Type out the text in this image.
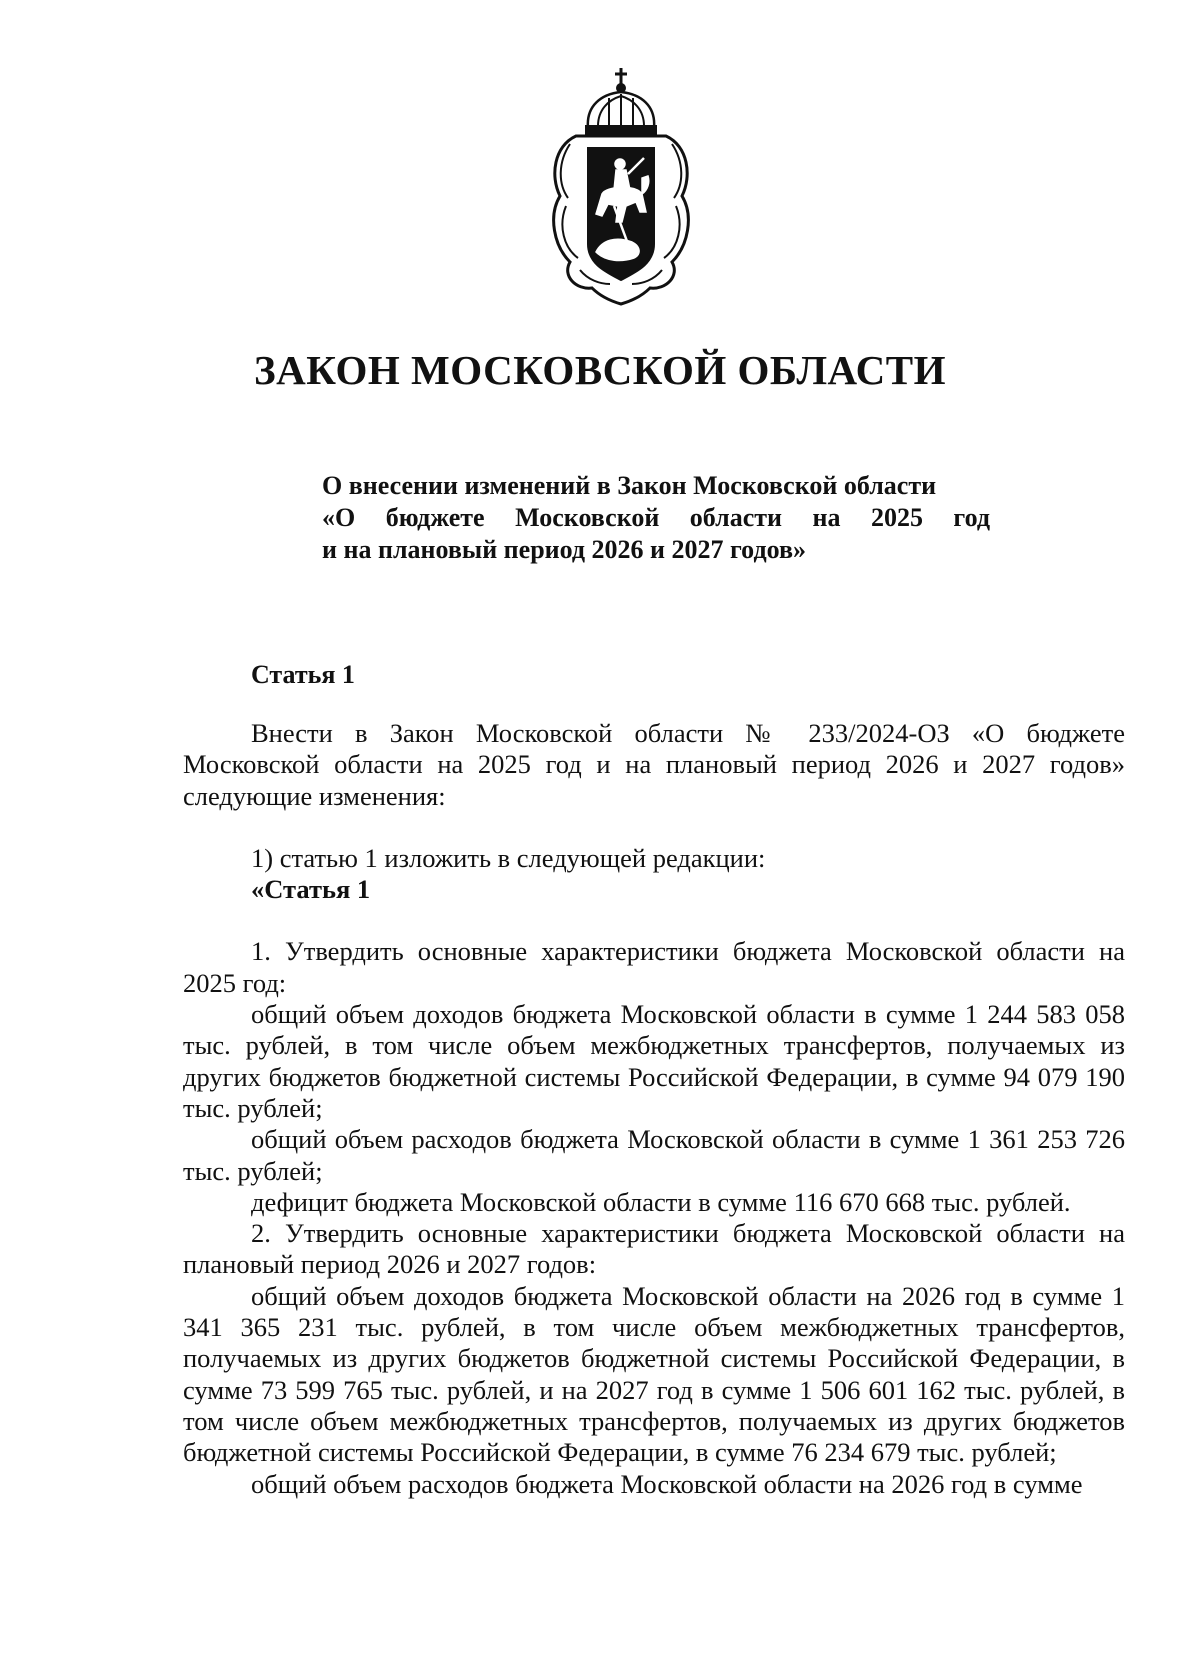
ЗАКОН МОСКОВСКОЙ ОБЛАСТИ
О внесении изменений в Закон Московской области
«О бюджете Московской области на 2025 год
и на плановый период 2026 и 2027 годов»
Статья 1

Внести в Закон Московской области № 233/2024-ОЗ «О бюджете Московской области на 2025 год и на плановый период 2026 и 2027 годов» следующие изменения:

1) статью 1 изложить в следующей редакции:

«Статья 1

1. Утвердить основные характеристики бюджета Московской области на 2025 год:

общий объем доходов бюджета Московской области в сумме 1 244 583 058 тыс. рублей, в том числе объем межбюджетных трансфертов, получаемых из других бюджетов бюджетной системы Российской Федерации, в сумме 94 079 190 тыс. рублей;

общий объем расходов бюджета Московской области в сумме 1 361 253 726 тыс. рублей;

дефицит бюджета Московской области в сумме 116 670 668 тыс. рублей.

2. Утвердить основные характеристики бюджета Московской области на плановый период 2026 и 2027 годов:

общий объем доходов бюджета Московской области на 2026 год в сумме 1 341 365 231 тыс. рублей, в том числе объем межбюджетных трансфертов, получаемых из других бюджетов бюджетной системы Российской Федерации, в сумме 73 599 765 тыс. рублей, и на 2027 год в сумме 1 506 601 162 тыс. рублей, в том числе объем межбюджетных трансфертов, получаемых из других бюджетов бюджетной системы Российской Федерации, в сумме 76 234 679 тыс. рублей;

общий объем расходов бюджета Московской области на 2026 год в сумме
